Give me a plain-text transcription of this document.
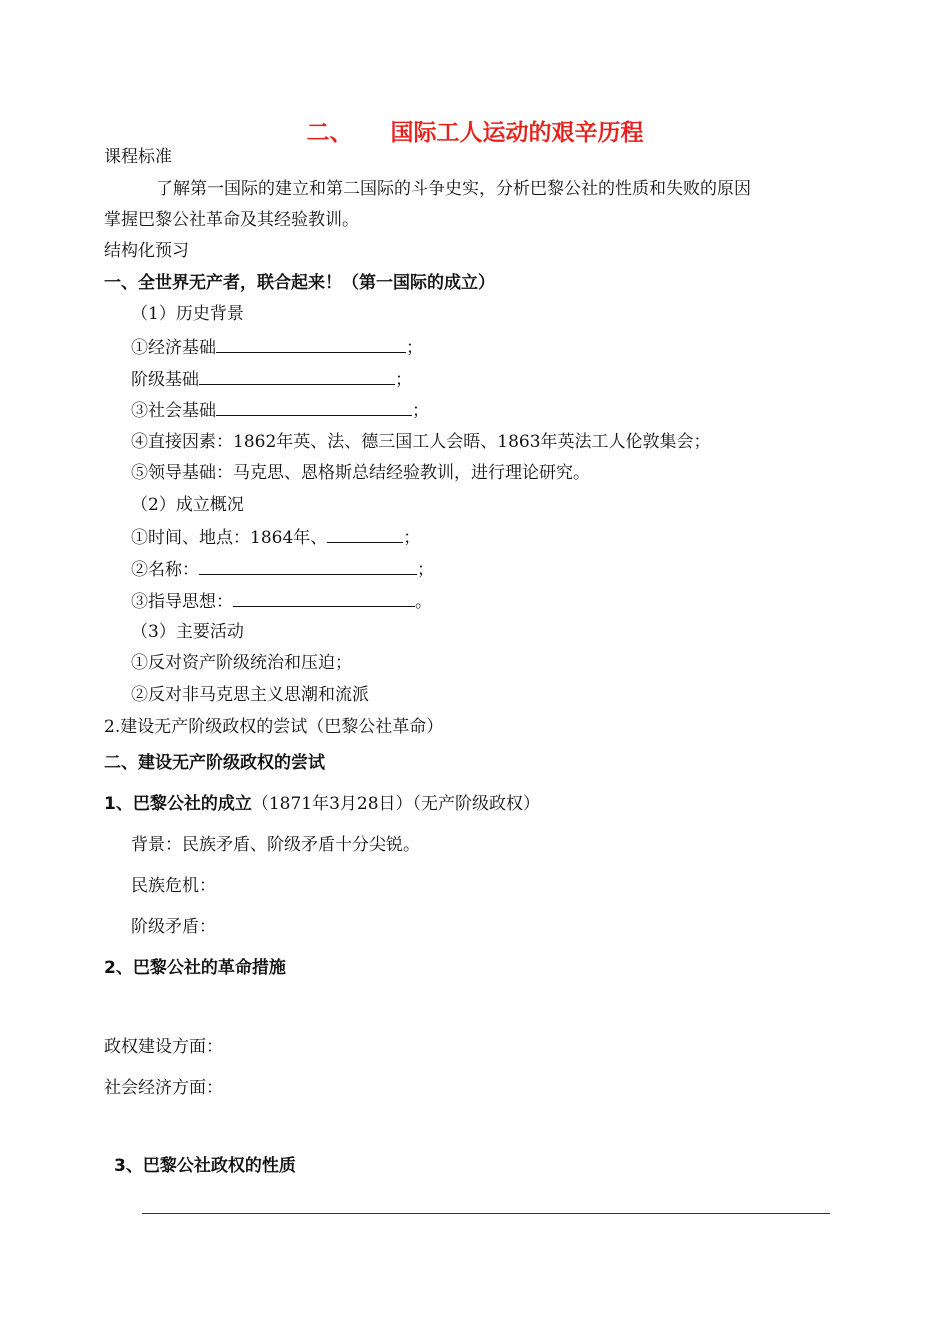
二、 国际工人运动的艰辛历程
课程标准
了解第一国际的建立和第二国际的斗争史实，分析巴黎公社的性质和失败的原因
掌握巴黎公社革命及其经验教训。
结构化预习
一、全世界无产者，联合起来！（第一国际的成立）
（1）历史背景
①经济基础	；
阶级基础	；
③社会基础	；
④直接因素：1862年英、法、德三国工人会晤、1863年英法工人伦敦集会；
⑤领导基础：马克思、恩格斯总结经验教训，进行理论研究。
（2）成立概况
①时间、地点：1864年、	；
②名称：	；
③指导思想：	。
（3）主要活动
①反对资产阶级统治和压迫；
②反对非马克思主义思潮和流派
2.建设无产阶级政权的尝试（巴黎公社革命）
二、建设无产阶级政权的尝试
1、巴黎公社的成立（1871年3月28日）（无产阶级政权）
背景：民族矛盾、阶级矛盾十分尖锐。
民族危机：
阶级矛盾：
2、巴黎公社的革命措施
政权建设方面：
社会经济方面：
3、巴黎公社政权的性质
